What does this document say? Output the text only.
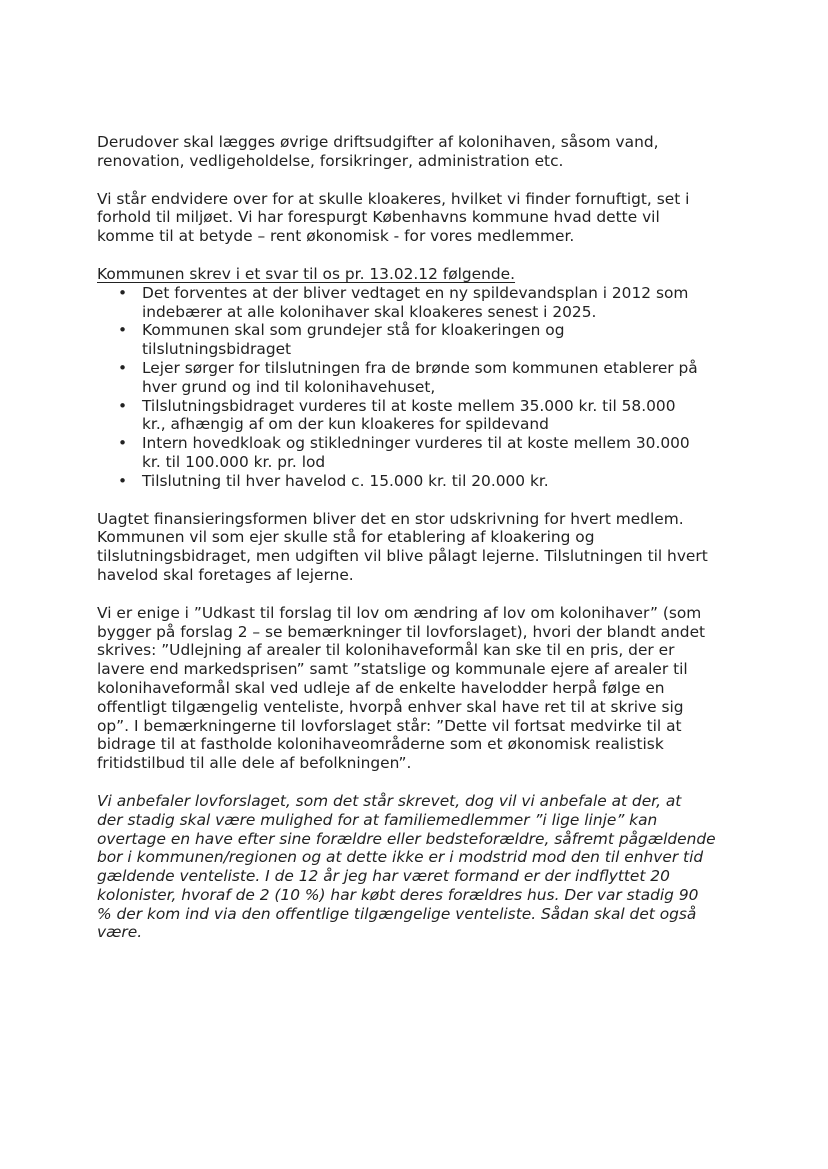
Derudover skal lægges øvrige driftsudgifter af kolonihaven, såsom vand,
renovation, vedligeholdelse, forsikringer, administration etc.

Vi står endvidere over for at skulle kloakeres, hvilket vi finder fornuftigt, set i
forhold til miljøet. Vi har forespurgt Københavns kommune hvad dette vil
komme til at betyde – rent økonomisk - for vores medlemmer.

Kommunen skrev i et svar til os pr. 13.02.12 følgende.

• Det forventes at der bliver vedtaget en ny spildevandsplan i 2012 som
indebærer at alle kolonihaver skal kloakeres senest i 2025.
• Kommunen skal som grundejer stå for kloakeringen og
tilslutningsbidraget
• Lejer sørger for tilslutningen fra de brønde som kommunen etablerer på
hver grund og ind til kolonihavehuset,
• Tilslutningsbidraget vurderes til at koste mellem 35.000 kr. til 58.000
kr., afhængig af om der kun kloakeres for spildevand
• Intern hovedkloak og stikledninger vurderes til at koste mellem 30.000
kr. til 100.000 kr. pr. lod
• Tilslutning til hver havelod c. 15.000 kr. til 20.000 kr.

Uagtet finansieringsformen bliver det en stor udskrivning for hvert medlem.
Kommunen vil som ejer skulle stå for etablering af kloakering og
tilslutningsbidraget, men udgiften vil blive pålagt lejerne. Tilslutningen til hvert
havelod skal foretages af lejerne.

Vi er enige i ”Udkast til forslag til lov om ændring af lov om kolonihaver” (som
bygger på forslag 2 – se bemærkninger til lovforslaget), hvori der blandt andet
skrives: ”Udlejning af arealer til kolonihaveformål kan ske til en pris, der er
lavere end markedsprisen” samt ”statslige og kommunale ejere af arealer til
kolonihaveformål skal ved udleje af de enkelte havelodder herpå følge en
offentligt tilgængelig venteliste, hvorpå enhver skal have ret til at skrive sig
op”. I bemærkningerne til lovforslaget står: ”Dette vil fortsat medvirke til at
bidrage til at fastholde kolonihaveområderne som et økonomisk realistisk
fritidstilbud til alle dele af befolkningen”.

Vi anbefaler lovforslaget, som det står skrevet, dog vil vi anbefale at der, at
der stadig skal være mulighed for at familiemedlemmer ”i lige linje” kan
overtage en have efter sine forældre eller bedsteforældre, såfremt pågældende
bor i kommunen/regionen og at dette ikke er i modstrid mod den til enhver tid
gældende venteliste. I de 12 år jeg har været formand er der indflyttet 20
kolonister, hvoraf de 2 (10 %) har købt deres forældres hus. Der var stadig 90
% der kom ind via den offentlige tilgængelige venteliste. Sådan skal det også
være.
